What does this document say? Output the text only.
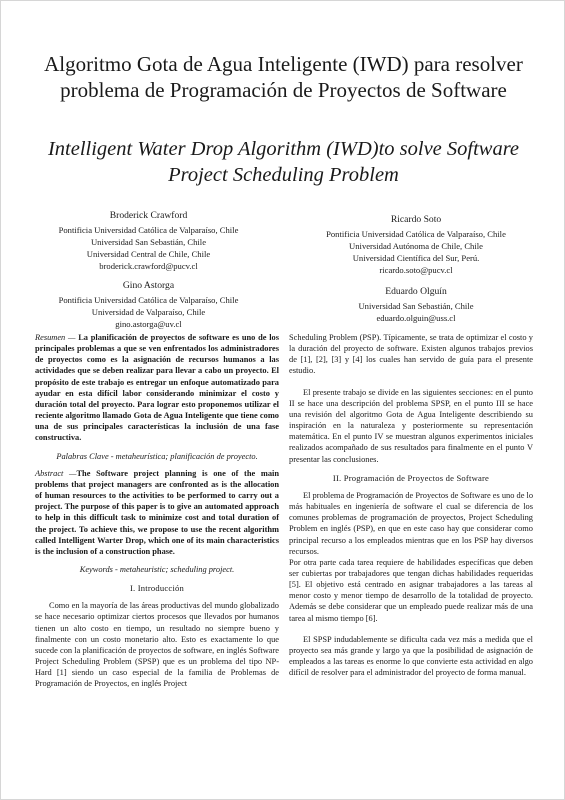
Algoritmo Gota de Agua Inteligente (IWD) para resolver problema de Programación de Proyectos de Software
Intelligent Water Drop Algorithm (IWD)to solve Software Project Scheduling Problem
Broderick Crawford
Pontificia Universidad Católica de Valparaíso, Chile
Universidad San Sebastián, Chile
Universidad Central de Chile, Chile
broderick.crawford@pucv.cl
Ricardo Soto
Pontificia Universidad Católica de Valparaíso, Chile
Universidad Autónoma de Chile, Chile
Universidad Científica del Sur, Perú.
ricardo.soto@pucv.cl
Gino Astorga
Pontificia Universidad Católica de Valparaíso, Chile
Universidad de Valparaíso, Chile
gino.astorga@uv.cl
Eduardo Olguín
Universidad San Sebastián, Chile
eduardo.olguin@uss.cl

Resumen — La planificación de proyectos de software es uno de los principales problemas a que se ven enfrentados los administradores de proyectos como es la asignación de recursos humanos a las actividades que se deben realizar para llevar a cabo un proyecto. El propósito de este trabajo es entregar un enfoque automatizado para ayudar en esta difícil labor considerando minimizar el costo y duración total del proyecto. Para lograr esto proponemos utilizar el reciente algoritmo llamado Gota de Agua Inteligente que tiene como una de sus principales características la inclusión de una fase constructiva.

Palabras Clave - metaheurística; planificación de proyecto.

Abstract —The Software project planning is one of the main problems that project managers are confronted as is the allocation of human resources to the activities to be performed to carry out a project. The purpose of this paper is to give an automated approach to help in this difficult task to minimize cost and total duration of the project. To achieve this, we propose to use the recent algorithm called Intelligent Warter Drop, which one of its main characteristics is the inclusion of a construction phase.

Keywords - metaheuristic; scheduling project.

I. Introducción

Como en la mayoría de las áreas productivas del mundo globalizado se hace necesario optimizar ciertos procesos que llevados por humanos tienen un alto costo en tiempo, un resultado no siempre bueno y finalmente con un costo monetario alto. Esto es exactamente lo que sucede con la planificación de proyectos de software, en inglés Software Project Scheduling Problem (SPSP) que es un problema del tipo NP-Hard [1] siendo un caso especial de la familia de Problemas de Programación de Proyectos, en inglés Project

Scheduling Problem (PSP). Típicamente, se trata de optimizar el costo y la duración del proyecto de software. Existen algunos trabajos previos de [1], [2], [3] y [4] los cuales han servido de guía para el presente estudio.

El presente trabajo se divide en las siguientes secciones: en el punto II se hace una descripción del problema SPSP, en el punto III se hace una revisión del algoritmo Gota de Agua Inteligente describiendo su inspiración en la naturaleza y posteriormente su representación matemática. En el punto IV se muestran algunos experimentos iniciales realizados acompañado de sus resultados para finalmente en el punto V presentar las conclusiones.

II. Programación de Proyectos de Software

El problema de Programación de Proyectos de Software es uno de lo más habituales en ingeniería de software el cual se diferencia de los comunes problemas de programación de proyectos, Project Scheduling Problem en inglés (PSP), en que en este caso hay que considerar como principal recurso a los empleados mientras que en los PSP hay diversos recursos.

Por otra parte cada tarea requiere de habilidades específicas que deben ser cubiertas por trabajadores que tengan dichas habilidades requeridas [5]. El objetivo está centrado en asignar trabajadores a las tareas al menor costo y menor tiempo de desarrollo de la totalidad de proyecto. Además se debe considerar que un empleado puede realizar más de una tarea al mismo tiempo [6].

El SPSP indudablemente se dificulta cada vez más a medida que el proyecto sea más grande y largo ya que la posibilidad de asignación de empleados a las tareas es enorme lo que convierte esta actividad en algo difícil de resolver para el administrador del proyecto de forma manual.
